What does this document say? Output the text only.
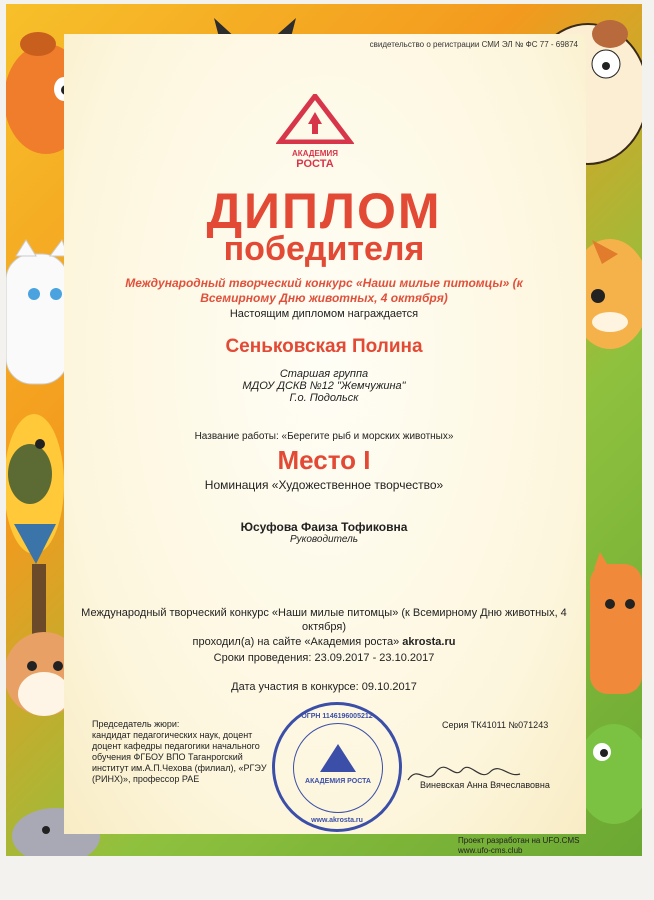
свидетельство о регистрации СМИ ЭЛ № ФС 77 - 69874
АКАДЕМИЯ
РОСТА
ДИПЛОМ
победителя
Международный творческий конкурс «Наши милые питомцы» (к
Всемирному Дню животных, 4 октября)
Настоящим дипломом награждается
Сеньковская Полина
Старшая группа
МДОУ ДСКВ №12 "Жемчужина"
Г.о. Подольск
Название работы: «Берегите рыб и морских животных»
Место I
Номинация «Художественное творчество»
Юсуфова Фаиза Тофиковна
Руководитель
Международный творческий конкурс «Наши милые питомцы» (к Всемирному Дню животных, 4
октября)
проходил(а) на сайте «Академия роста» akrosta.ru
Сроки проведения: 23.09.2017 - 23.10.2017
Дата участия в конкурсе: 09.10.2017
Председатель жюри:
кандидат педагогических наук, доцент
доцент кафедры педагогики начального
обучения ФГБОУ ВПО Таганрогский
институт им.А.П.Чехова (филиал), «РГЭУ
(РИНХ)», профессор РАЕ
Серия ТК41011 №071243
ОГРН 1146196005212
АКАДЕМИЯ РОСТА
www.akrosta.ru
Виневская Анна Вячеславовна
Проект разработан на UFO.CMS
www.ufo-cms.club
